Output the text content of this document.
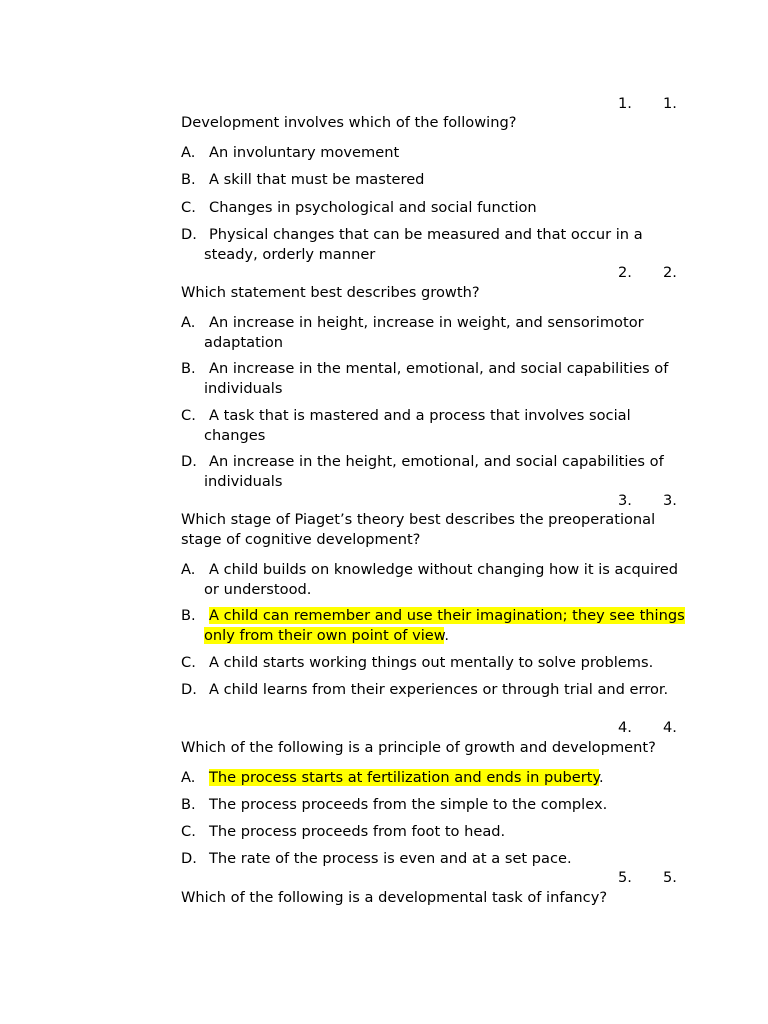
1. 1.
Development involves which of the following?
A. An involuntary movement
B. A skill that must be mastered
C. Changes in psychological and social function
D. Physical changes that can be measured and that occur in a steady, orderly manner
2. 2.
Which statement best describes growth?
A. An increase in height, increase in weight, and sensorimotor adaptation
B. An increase in the mental, emotional, and social capabilities of individuals
C. A task that is mastered and a process that involves social changes
D. An increase in the height, emotional, and social capabilities of individuals
3. 3.
Which stage of Piaget’s theory best describes the preoperational stage of cognitive development?
A. A child builds on knowledge without changing how it is acquired or understood.
B. A child can remember and use their imagination; they see things only from their own point of view.
C. A child starts working things out mentally to solve problems.
D. A child learns from their experiences or through trial and error.
4. 4.
Which of the following is a principle of growth and development?
A. The process starts at fertilization and ends in puberty.
B. The process proceeds from the simple to the complex.
C. The process proceeds from foot to head.
D. The rate of the process is even and at a set pace.
5. 5.
Which of the following is a developmental task of infancy?
